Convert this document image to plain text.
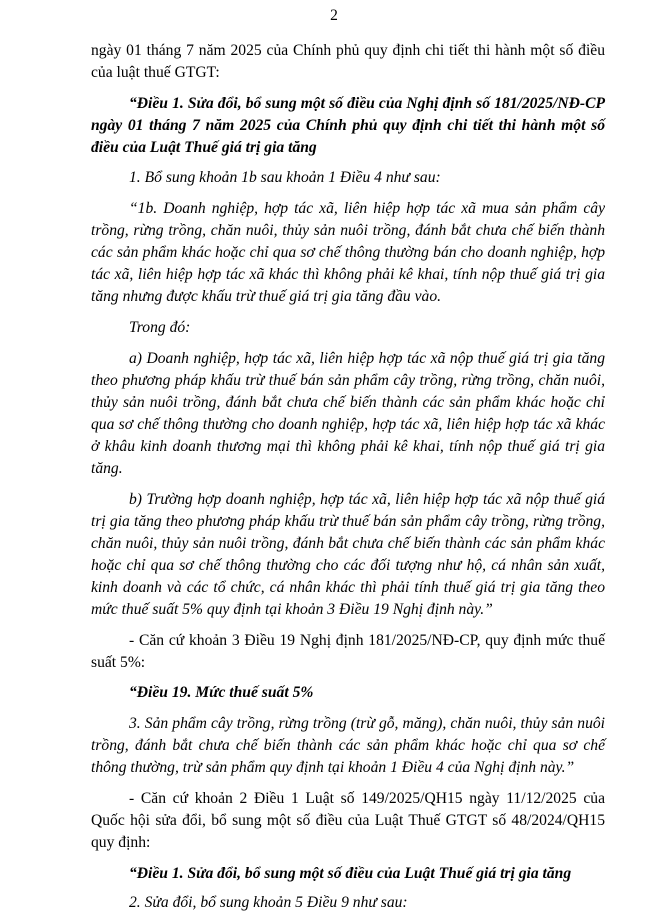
2

ngày 01 tháng 7 năm 2025 của Chính phủ quy định chi tiết thi hành một số điều của luật thuế GTGT:

“Điều 1. Sửa đổi, bổ sung một số điều của Nghị định số 181/2025/NĐ-CP ngày 01 tháng 7 năm 2025 của Chính phủ quy định chi tiết thi hành một số điều của Luật Thuế giá trị gia tăng

1. Bổ sung khoản 1b sau khoản 1 Điều 4 như sau:

“1b. Doanh nghiệp, hợp tác xã, liên hiệp hợp tác xã mua sản phẩm cây trồng, rừng trồng, chăn nuôi, thủy sản nuôi trồng, đánh bắt chưa chế biến thành các sản phẩm khác hoặc chỉ qua sơ chế thông thường bán cho doanh nghiệp, hợp tác xã, liên hiệp hợp tác xã khác thì không phải kê khai, tính nộp thuế giá trị gia tăng nhưng được khấu trừ thuế giá trị gia tăng đầu vào.

Trong đó:

a) Doanh nghiệp, hợp tác xã, liên hiệp hợp tác xã nộp thuế giá trị gia tăng theo phương pháp khấu trừ thuế bán sản phẩm cây trồng, rừng trồng, chăn nuôi, thủy sản nuôi trồng, đánh bắt chưa chế biến thành các sản phẩm khác hoặc chỉ qua sơ chế thông thường cho doanh nghiệp, hợp tác xã, liên hiệp hợp tác xã khác ở khâu kinh doanh thương mại thì không phải kê khai, tính nộp thuế giá trị gia tăng.

b) Trường hợp doanh nghiệp, hợp tác xã, liên hiệp hợp tác xã nộp thuế giá trị gia tăng theo phương pháp khấu trừ thuế bán sản phẩm cây trồng, rừng trồng, chăn nuôi, thủy sản nuôi trồng, đánh bắt chưa chế biến thành các sản phẩm khác hoặc chỉ qua sơ chế thông thường cho các đối tượng như hộ, cá nhân sản xuất, kinh doanh và các tổ chức, cá nhân khác thì phải tính thuế giá trị gia tăng theo mức thuế suất 5% quy định tại khoản 3 Điều 19 Nghị định này.”

- Căn cứ khoản 3 Điều 19 Nghị định 181/2025/NĐ-CP, quy định mức thuế suất 5%:

“Điều 19. Mức thuế suất 5%

3. Sản phẩm cây trồng, rừng trồng (trừ gỗ, măng), chăn nuôi, thủy sản nuôi trồng, đánh bắt chưa chế biến thành các sản phẩm khác hoặc chỉ qua sơ chế thông thường, trừ sản phẩm quy định tại khoản 1 Điều 4 của Nghị định này.”

- Căn cứ khoản 2 Điều 1 Luật số 149/2025/QH15 ngày 11/12/2025 của Quốc hội sửa đổi, bổ sung một số điều của Luật Thuế GTGT số 48/2024/QH15 quy định:

“Điều 1. Sửa đổi, bổ sung một số điều của Luật Thuế giá trị gia tăng

2. Sửa đổi, bổ sung khoản 5 Điều 9 như sau:
